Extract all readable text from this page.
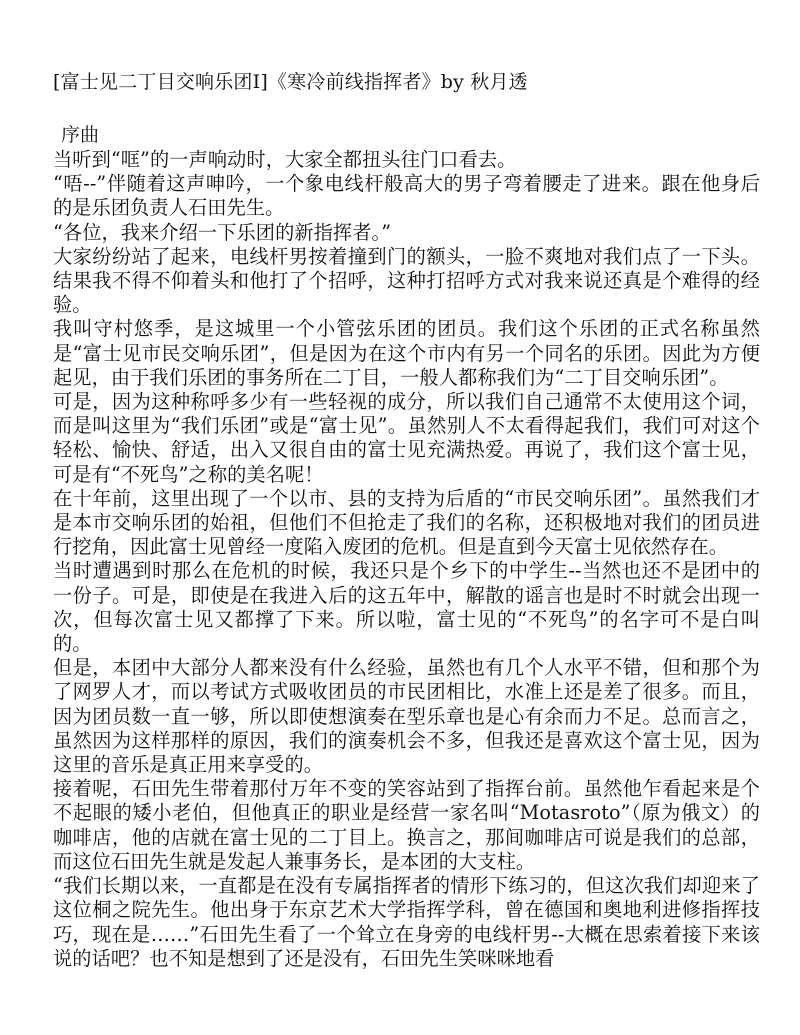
[富士见二丁目交响乐团Ⅰ]《寒冷前线指挥者》by 秋月透
序曲

当听到“哐”的一声响动时，大家全都扭头往门口看去。

“唔--”伴随着这声呻吟，一个象电线杆般高大的男子弯着腰走了进来。跟在他身后的是乐团负责人石田先生。

“各位，我来介绍一下乐团的新指挥者。”

大家纷纷站了起来，电线杆男按着撞到门的额头，一脸不爽地对我们点了一下头。结果我不得不仰着头和他打了个招呼，这种打招呼方式对我来说还真是个难得的经验。

我叫守村悠季，是这城里一个小管弦乐团的团员。我们这个乐团的正式名称虽然是“富士见市民交响乐团”，但是因为在这个市内有另一个同名的乐团。因此为方便起见，由于我们乐团的事务所在二丁目，一般人都称我们为“二丁目交响乐团”。

可是，因为这种称呼多少有一些轻视的成分，所以我们自己通常不太使用这个词，而是叫这里为“我们乐团”或是“富士见”。虽然别人不太看得起我们，我们可对这个轻松、愉快、舒适，出入又很自由的富士见充满热爱。再说了，我们这个富士见，可是有“不死鸟”之称的美名呢！

在十年前，这里出现了一个以市、县的支持为后盾的“市民交响乐团”。虽然我们才是本市交响乐团的始祖，但他们不但抢走了我们的名称，还积极地对我们的团员进行挖角，因此富士见曾经一度陷入废团的危机。但是直到今天富士见依然存在。

当时遭遇到时那么在危机的时候，我还只是个乡下的中学生--当然也还不是团中的一份子。可是，即使是在我进入后的这五年中，解散的谣言也是时不时就会出现一次，但每次富士见又都撑了下来。所以啦，富士见的“不死鸟”的名字可不是白叫的。

但是，本团中大部分人都来没有什么经验，虽然也有几个人水平不错，但和那个为了网罗人才，而以考试方式吸收团员的市民团相比，水准上还是差了很多。而且，因为团员数一直一够，所以即使想演奏在型乐章也是心有余而力不足。总而言之，虽然因为这样那样的原因，我们的演奏机会不多，但我还是喜欢这个富士见，因为这里的音乐是真正用来享受的。

接着呢，石田先生带着那付万年不变的笑容站到了指挥台前。虽然他乍看起来是个不起眼的矮小老伯，但他真正的职业是经营一家名叫“Motasroto”（原为俄文）的咖啡店，他的店就在富士见的二丁目上。换言之，那间咖啡店可说是我们的总部，而这位石田先生就是发起人兼事务长，是本团的大支柱。

“我们长期以来，一直都是在没有专属指挥者的情形下练习的，但这次我们却迎来了这位桐之院先生。他出身于东京艺术大学指挥学科，曾在德国和奥地利进修指挥技巧，现在是……”石田先生看了一个耸立在身旁的电线杆男--大概在思索着接下来该说的话吧？也不知是想到了还是没有，石田先生笑咪咪地看
